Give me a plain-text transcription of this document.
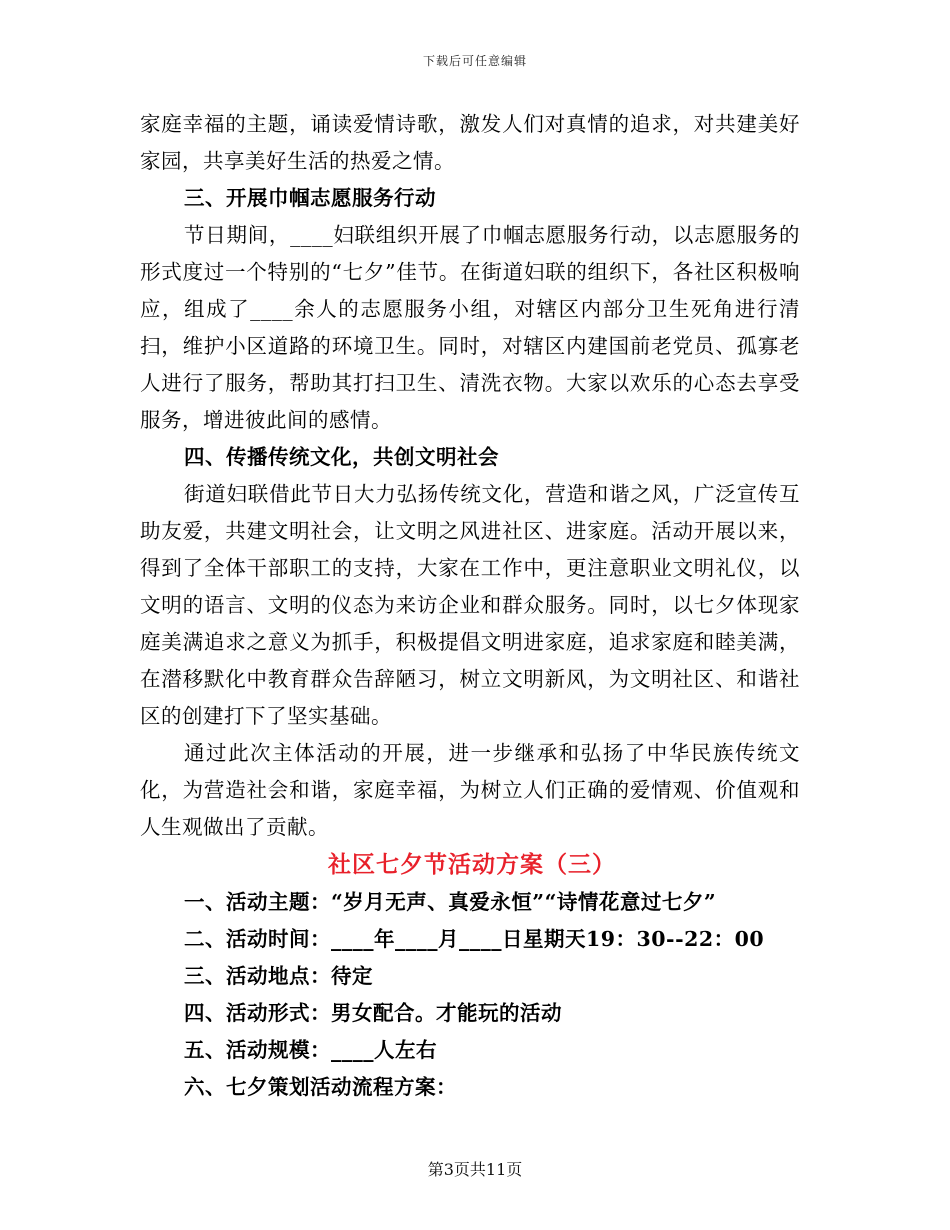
下载后可任意编辑

家庭幸福的主题，诵读爱情诗歌，激发人们对真情的追求，对共建美好家园，共享美好生活的热爱之情。

三、开展巾帼志愿服务行动

节日期间，____妇联组织开展了巾帼志愿服务行动，以志愿服务的形式度过一个特别的“七夕”佳节。在街道妇联的组织下，各社区积极响应，组成了____余人的志愿服务小组，对辖区内部分卫生死角进行清扫，维护小区道路的环境卫生。同时，对辖区内建国前老党员、孤寡老人进行了服务，帮助其打扫卫生、清洗衣物。大家以欢乐的心态去享受服务，增进彼此间的感情。

四、传播传统文化，共创文明社会

街道妇联借此节日大力弘扬传统文化，营造和谐之风，广泛宣传互助友爱，共建文明社会，让文明之风进社区、进家庭。活动开展以来，得到了全体干部职工的支持，大家在工作中，更注意职业文明礼仪，以文明的语言、文明的仪态为来访企业和群众服务。同时，以七夕体现家庭美满追求之意义为抓手，积极提倡文明进家庭，追求家庭和睦美满，在潜移默化中教育群众告辞陋习，树立文明新风，为文明社区、和谐社区的创建打下了坚实基础。

通过此次主体活动的开展，进一步继承和弘扬了中华民族传统文化，为营造社会和谐，家庭幸福，为树立人们正确的爱情观、价值观和人生观做出了贡献。

社区七夕节活动方案（三）

一、活动主题：“岁月无声、真爱永恒”“诗情花意过七夕”

二、活动时间：____年____月____日星期天19：30--22：00

三、活动地点：待定

四、活动形式：男女配合。才能玩的活动

五、活动规模：____人左右

六、七夕策划活动流程方案：

第3页共11页
